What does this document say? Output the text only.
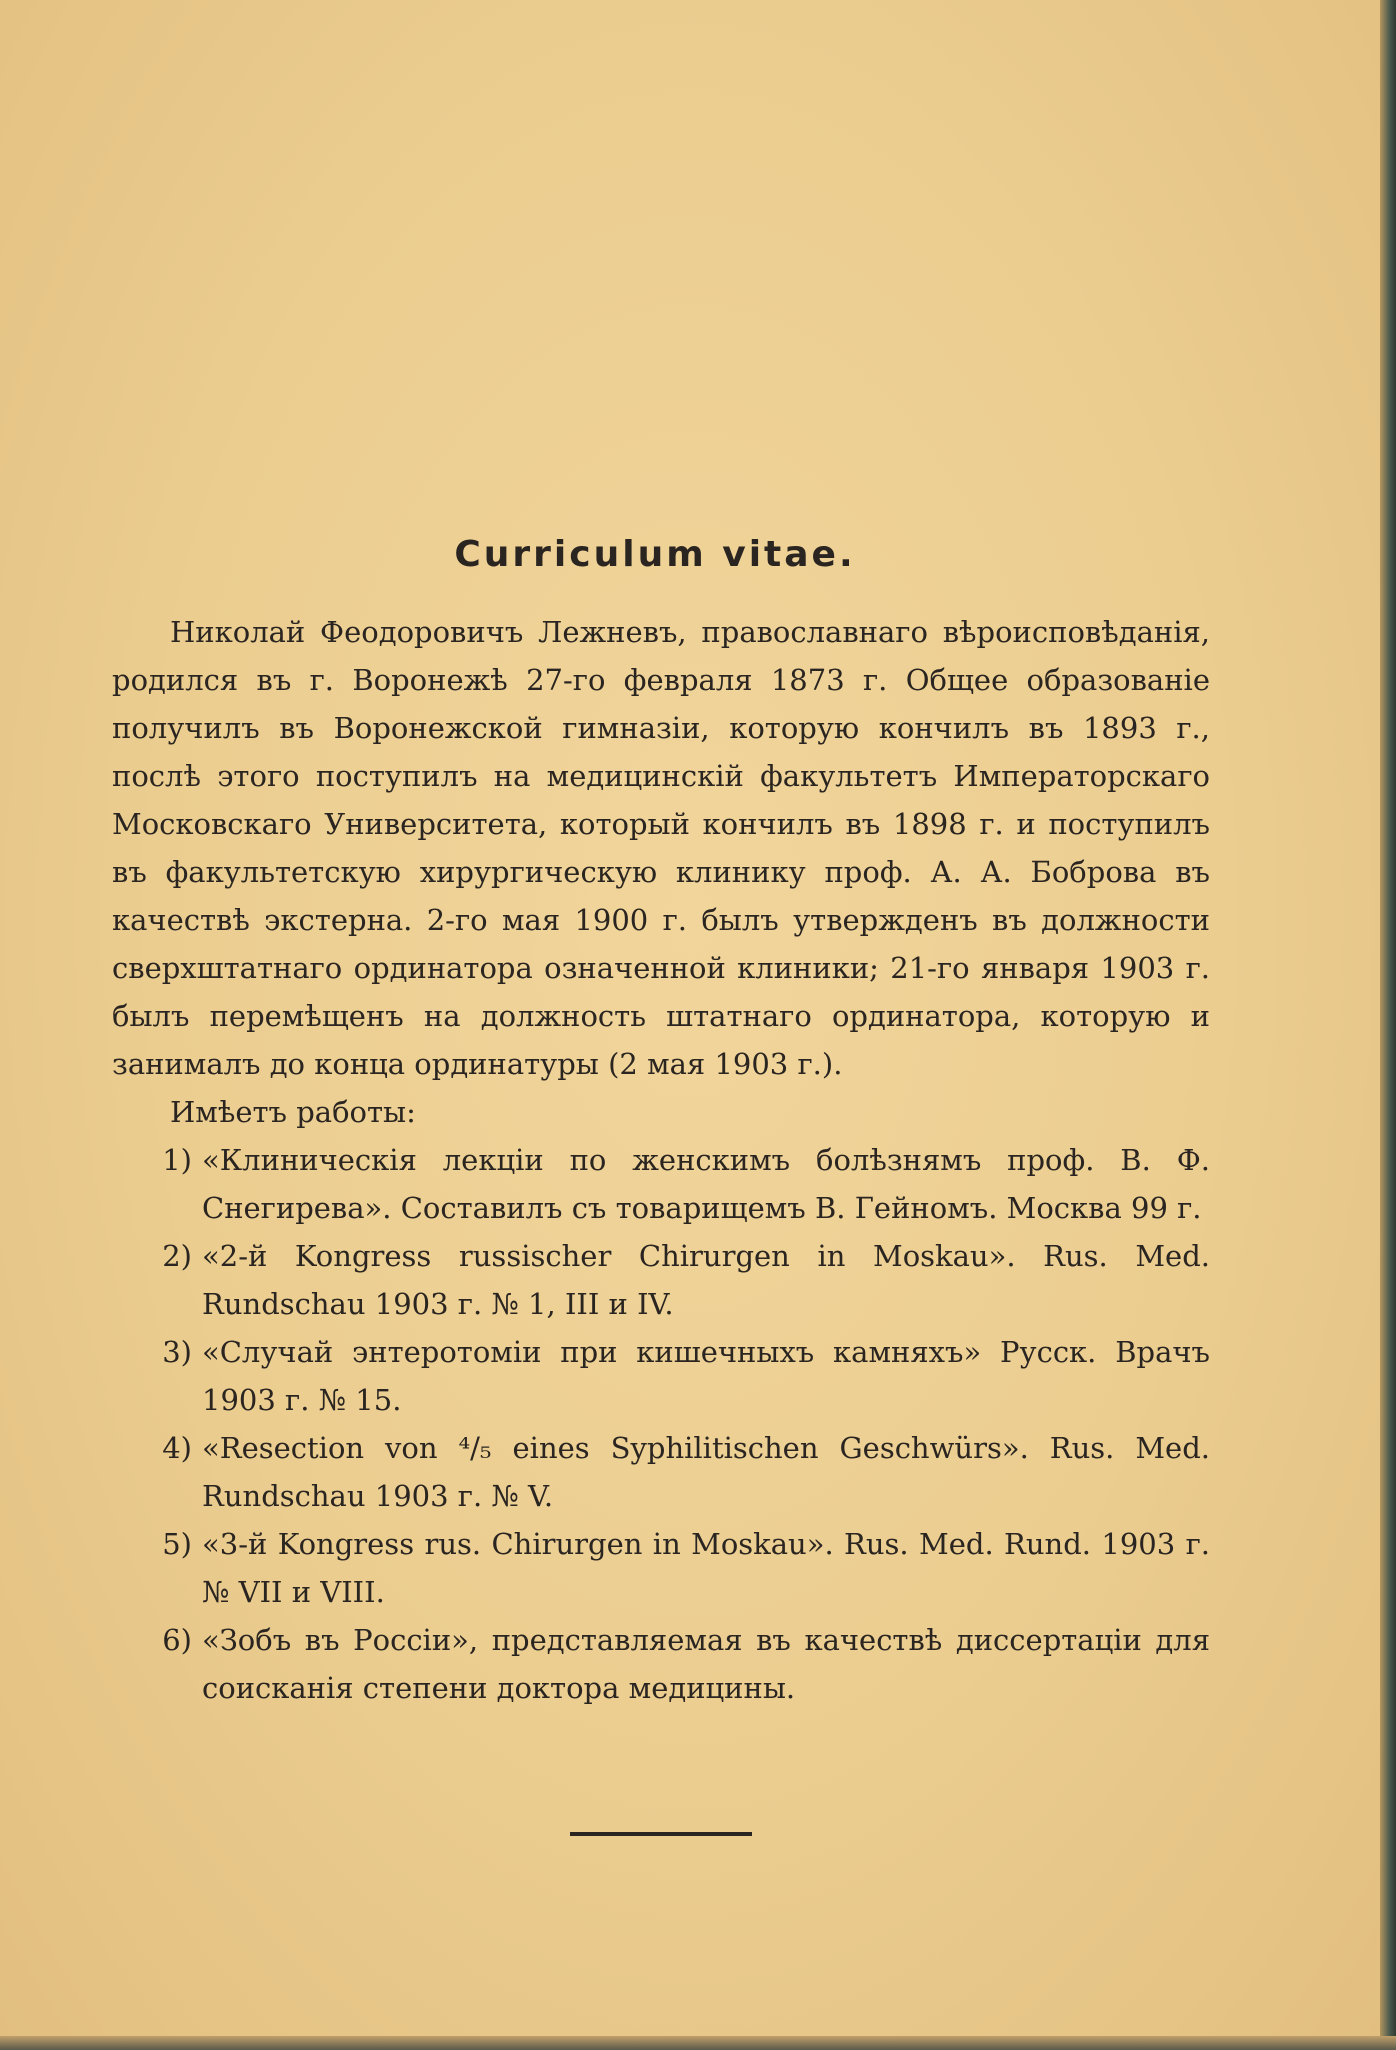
Curriculum vitae.

Николай Феодоровичъ Лежневъ, православнаго вѣроисповѣданія, родился въ г. Воронежѣ 27-го февраля 1873 г. Общее образованіе получилъ въ Воронежской гимназіи, которую кончилъ въ 1893 г., послѣ этого поступилъ на медицинскій факультетъ Императорскаго Московскаго Университета, который кончилъ въ 1898 г. и поступилъ въ факультетскую хирургическую клинику проф. А. А. Боброва въ качествѣ экстерна. 2-го мая 1900 г. былъ утвержденъ въ должности сверхштатнаго ординатора означенной клиники; 21-го января 1903 г. былъ перемѣщенъ на должность штатнаго ординатора, которую и занималъ до конца ординатуры (2 мая 1903 г.).

Имѣетъ работы:

1) «Клиническія лекціи по женскимъ болѣзнямъ проф. В. Ф. Снегирева». Составилъ съ товарищемъ В. Гейномъ. Москва 99 г.
2) «2-й Kongress russischer Chirurgen in Moskau». Rus. Med. Rundschau 1903 г. № 1, III и IV.
3) «Случай энтеротоміи при кишечныхъ камняхъ» Русск. Врачъ 1903 г. № 15.
4) «Resection von ⁴/₅ eines Syphilitischen Geschwürs». Rus. Med. Rundschau 1903 г. № V.
5) «3-й Kongress rus. Chirurgen in Moskau». Rus. Med. Rund. 1903 г. № VII и VIII.
6) «Зобъ въ Россіи», представляемая въ качествѣ диссертаціи для соисканія степени доктора медицины.
